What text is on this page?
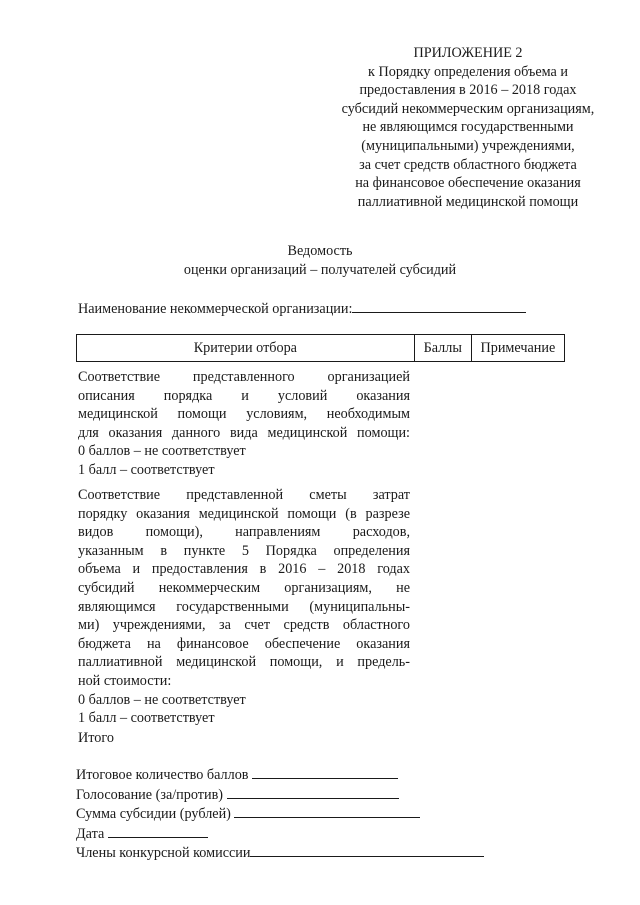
ПРИЛОЖЕНИЕ 2
к Порядку определения объема и
предоставления в 2016 – 2018 годах
субсидий некоммерческим организациям,
не являющимся государственными
(муниципальными) учреждениями,
за счет средств областного бюджета
на финансовое обеспечение оказания
паллиативной медицинской помощи
Ведомость
оценки организаций – получателей субсидий
Наименование некоммерческой организации:
Критерии отбора	Баллы	Примечание
Соответствие представленного организацией
описания порядка и условий оказания
медицинской помощи условиям, необходимым
для оказания данного вида медицинской помощи:
0 баллов – не соответствует
1 балл – соответствует
Соответствие представленной сметы затрат
порядку оказания медицинской помощи (в разрезе
видов помощи), направлениям расходов,
указанным в пункте 5 Порядка определения
объема и предоставления в 2016 – 2018 годах
субсидий некоммерческим организациям, не
являющимся государственными (муниципальны-
ми) учреждениями, за счет средств областного
бюджета на финансовое обеспечение оказания
паллиативной медицинской помощи, и предель-
ной стоимости:
0 баллов – не соответствует
1 балл – соответствует
Итого
Итоговое количество баллов
Голосование (за/против)
Сумма субсидии (рублей)
Дата
Члены конкурсной комиссии
